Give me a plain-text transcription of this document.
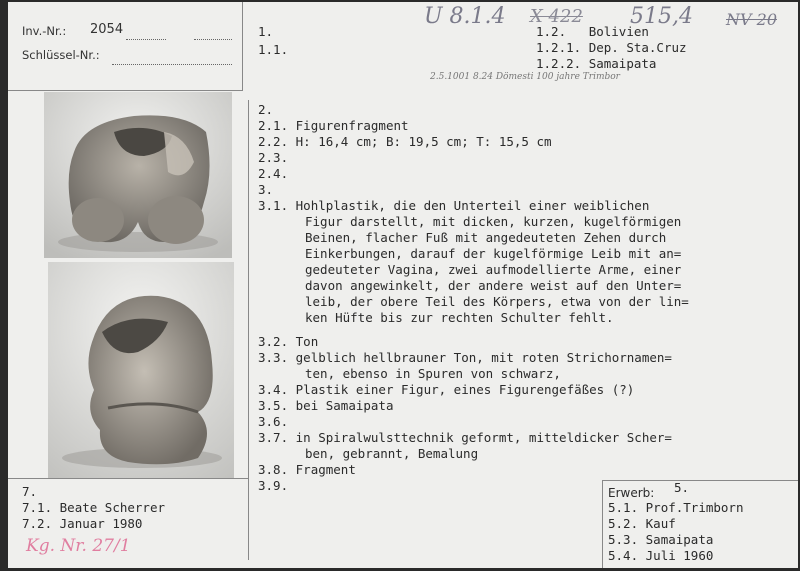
Inv.-Nr.: 2054
Schlüssel-Nr.:
1.
1.1.
U 8.1.4 X 422 515,4 NV 20
2.5.1001 8.24 Dömesti 100 jahre Trimbor
1.2. Bolivien
1.2.1. Dep. Sta.Cruz
1.2.2. Samaipata
2.
2.1. Figurenfragment
2.2. H: 16,4 cm; B: 19,5 cm; T: 15,5 cm
2.3.
2.4.
3.
3.1. Hohlplastik, die den Unterteil einer weiblichen
Figur darstellt, mit dicken, kurzen, kugelförmigen
Beinen, flacher Fuß mit angedeuteten Zehen durch
Einkerbungen, darauf der kugelförmige Leib mit an=
gedeuteter Vagina, zwei aufmodellierte Arme, einer
davon angewinkelt, der andere weist auf den Unter=
leib, der obere Teil des Körpers, etwa von der lin=
ken Hüfte bis zur rechten Schulter fehlt.
3.2. Ton
3.3. gelblich hellbrauner Ton, mit roten Strichornamen=
ten, ebenso in Spuren von schwarz,
3.4. Plastik einer Figur, eines Figurengefäßes (?)
3.5. bei Samaipata
3.6.
3.7. in Spiralwulsttechnik geformt, mitteldicker Scher=
ben, gebrannt, Bemalung
3.8. Fragment
3.9.
7.
7.1. Beate Scherrer
7.2. Januar 1980
Kg. Nr. 27/1
Erwerb: 5.
5.1. Prof.Trimborn
5.2. Kauf
5.3. Samaipata
5.4. Juli 1960
